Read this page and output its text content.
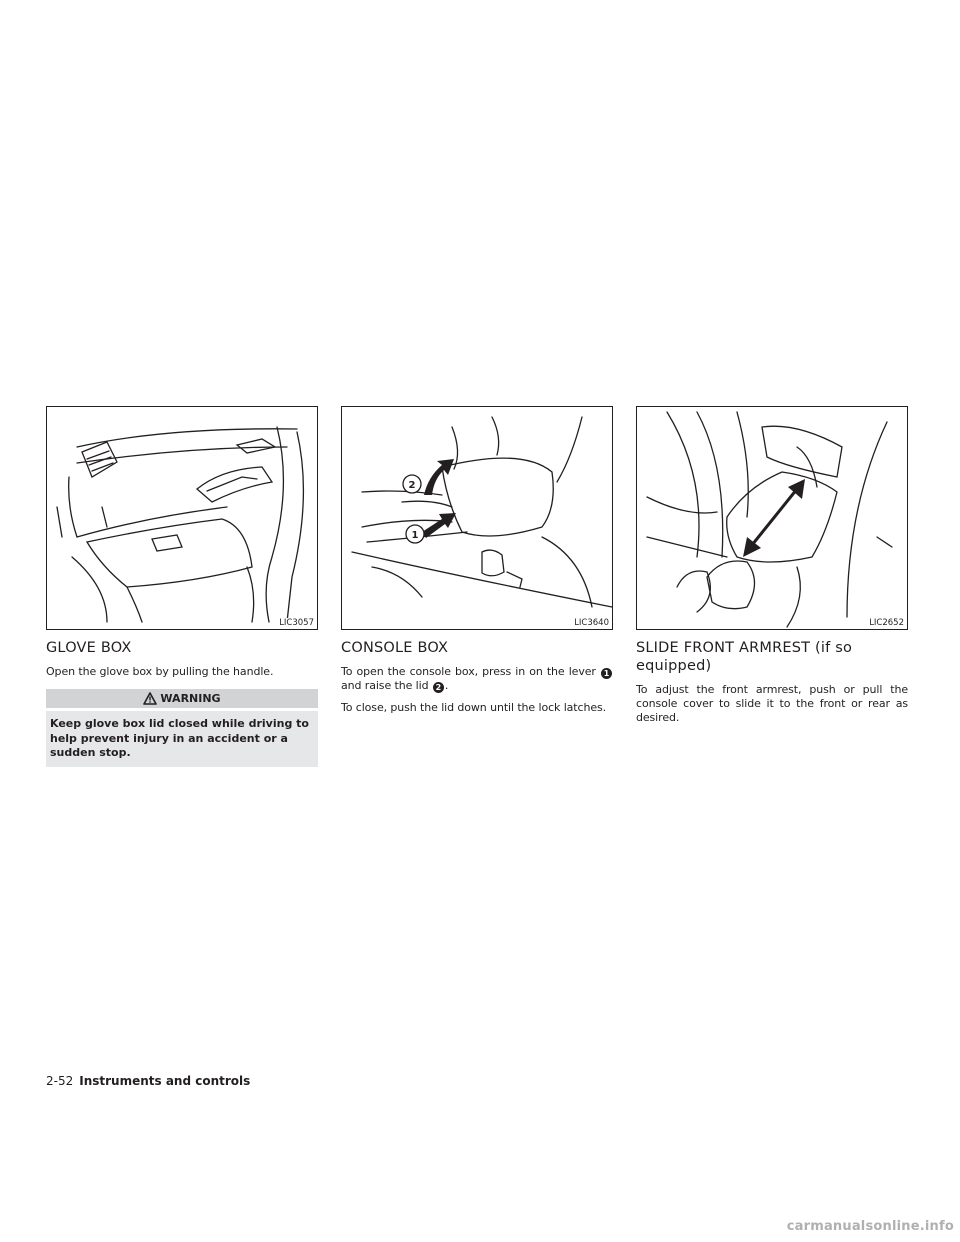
LIC3057
GLOVE BOX

Open the glove box by pulling the handle.

WARNING
Keep glove box lid closed while driving to help prevent injury in an accident or a sudden stop.
2
1
LIC3640
CONSOLE BOX

To open the console box, press in on the lever 1 and raise the lid 2 .

To close, push the lid down until the lock latches.

LIC2652
SLIDE FRONT ARMREST (if so
equipped)

To adjust the front armrest, push or pull the console cover to slide it to the front or rear as desired.

2-52 Instruments and controls
carmanualsonline.info
